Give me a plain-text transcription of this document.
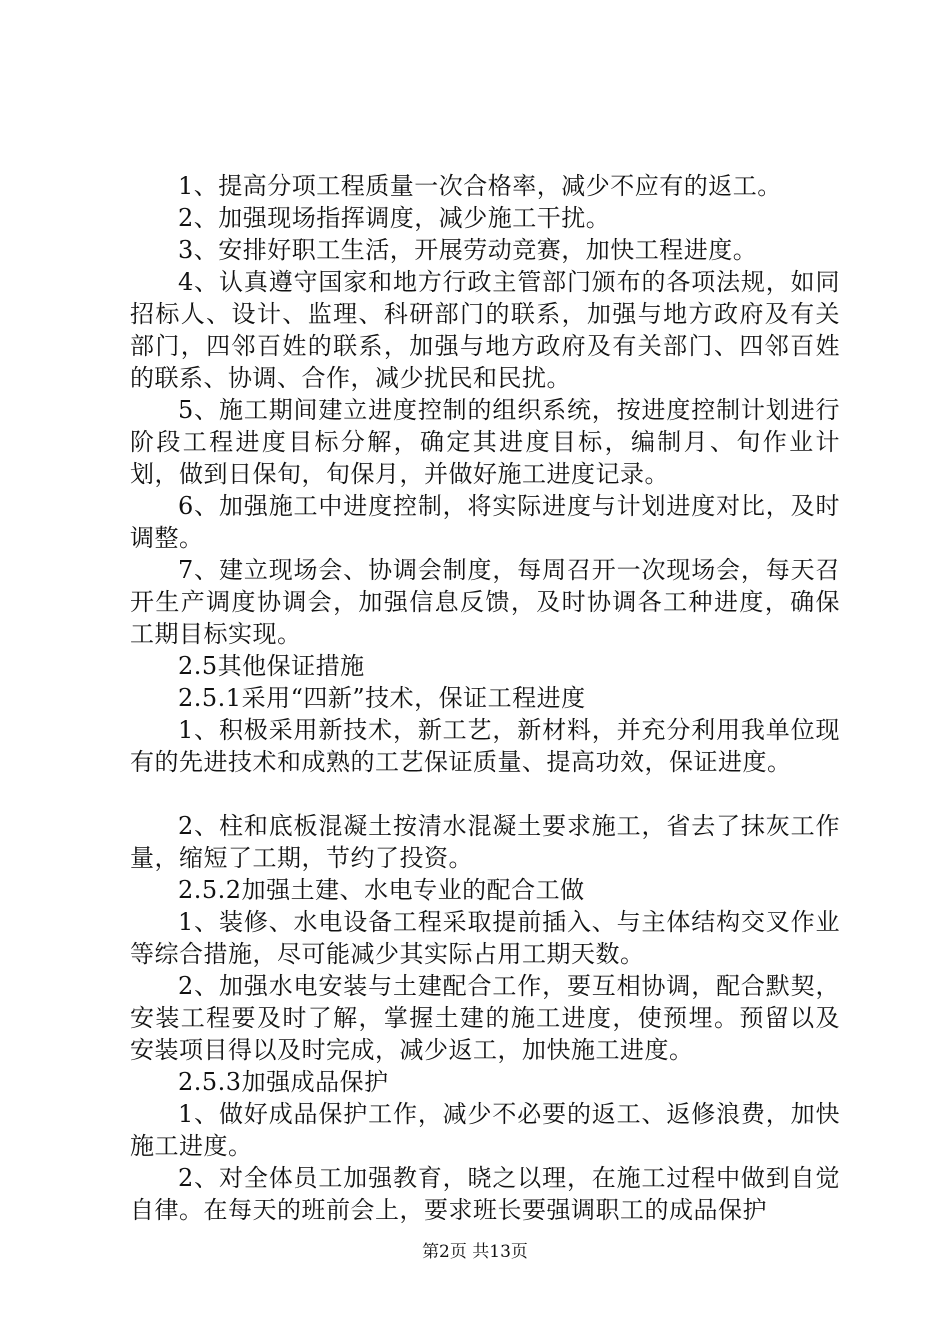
1、提高分项工程质量一次合格率，减少不应有的返工。

2、加强现场指挥调度，减少施工干扰。

3、安排好职工生活，开展劳动竞赛，加快工程进度。

4、认真遵守国家和地方行政主管部门颁布的各项法规，如同招标人、设计、监理、科研部门的联系，加强与地方政府及有关部门，四邻百姓的联系，加强与地方政府及有关部门、四邻百姓的联系、协调、合作，减少扰民和民扰。

5、施工期间建立进度控制的组织系统，按进度控制计划进行阶段工程进度目标分解，确定其进度目标，编制月、旬作业计划，做到日保旬，旬保月，并做好施工进度记录。

6、加强施工中进度控制，将实际进度与计划进度对比，及时调整。

7、建立现场会、协调会制度，每周召开一次现场会，每天召开生产调度协调会，加强信息反馈，及时协调各工种进度，确保工期目标实现。

2.5其他保证措施

2.5.1采用“四新”技术，保证工程进度

1、积极采用新技术，新工艺，新材料，并充分利用我单位现有的先进技术和成熟的工艺保证质量、提高功效，保证进度。

2、柱和底板混凝土按清水混凝土要求施工，省去了抹灰工作量，缩短了工期，节约了投资。

2.5.2加强土建、水电专业的配合工做

1、装修、水电设备工程采取提前插入、与主体结构交叉作业等综合措施，尽可能减少其实际占用工期天数。

2、加强水电安装与土建配合工作，要互相协调，配合默契，安装工程要及时了解，掌握土建的施工进度，使预埋。预留以及安装项目得以及时完成，减少返工，加快施工进度。

2.5.3加强成品保护

1、做好成品保护工作，减少不必要的返工、返修浪费，加快施工进度。

2、对全体员工加强教育，晓之以理，在施工过程中做到自觉自律。在每天的班前会上，要求班长要强调职工的成品保护

第2页 共13页
